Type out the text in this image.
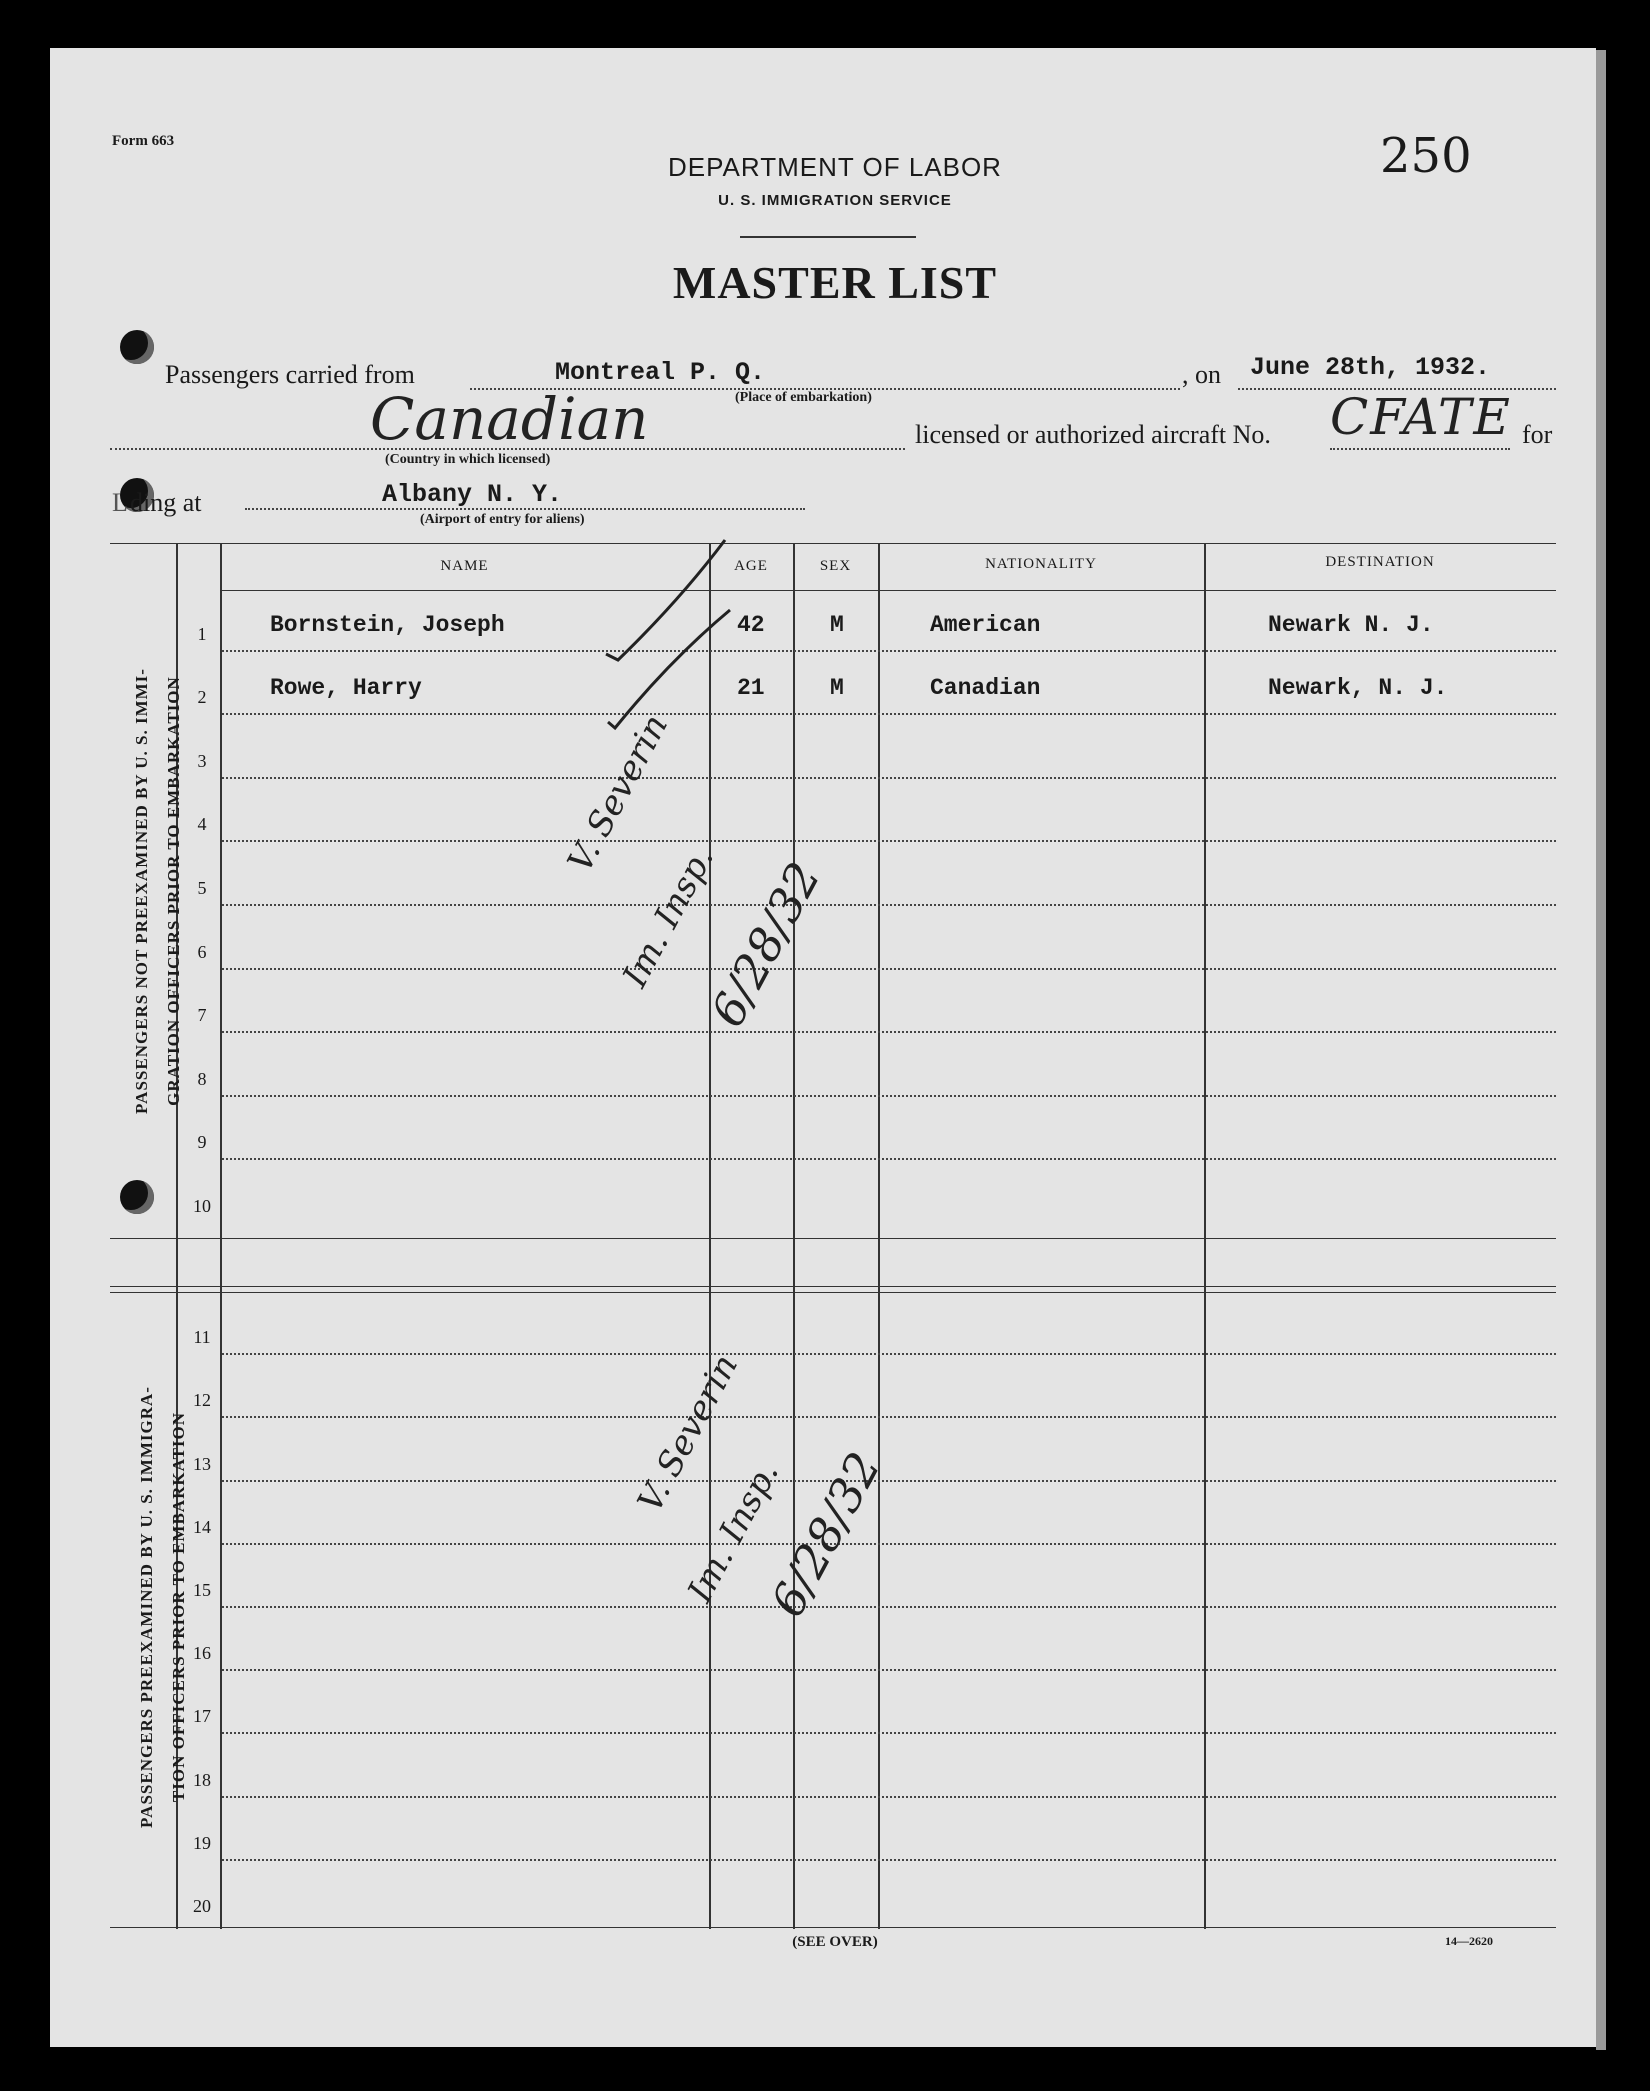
Form 663	250
DEPARTMENT OF LABOR
U. S. IMMIGRATION SERVICE
MASTER LIST
Passengers carried from	Montreal P. Q.
(Place of embarkation)
, on June 28th, 1932.
Canadian
(Country in which licensed)
licensed or authorized aircraft No. CFATE for
L ding at	Albany N. Y.
(Airport of entry for aliens)
NAME	AGE	SEX	NATIONALITY	DESTINATION
PASSENGERS NOT PREEXAMINED BY U. S. IMMI- GRATION OFFICERS PRIOR TO EMBARKATION
PASSENGERS PREEXAMINED BY U. S. IMMIGRA- TION OFFICERS PRIOR TO EMBARKATION
1	Bornstein, Joseph	42	M	American	Newark N. J.
2	Rowe, Harry	21	M	Canadian	Newark, N. J.
3
4
5
6
7
8
9
10
11
12
13
14
15
16
17
18
19
20
(SEE OVER)	14—2620
V. Severin
Im. Insp.
6/28/32
V. Severin
Im. Insp.
6/28/32
